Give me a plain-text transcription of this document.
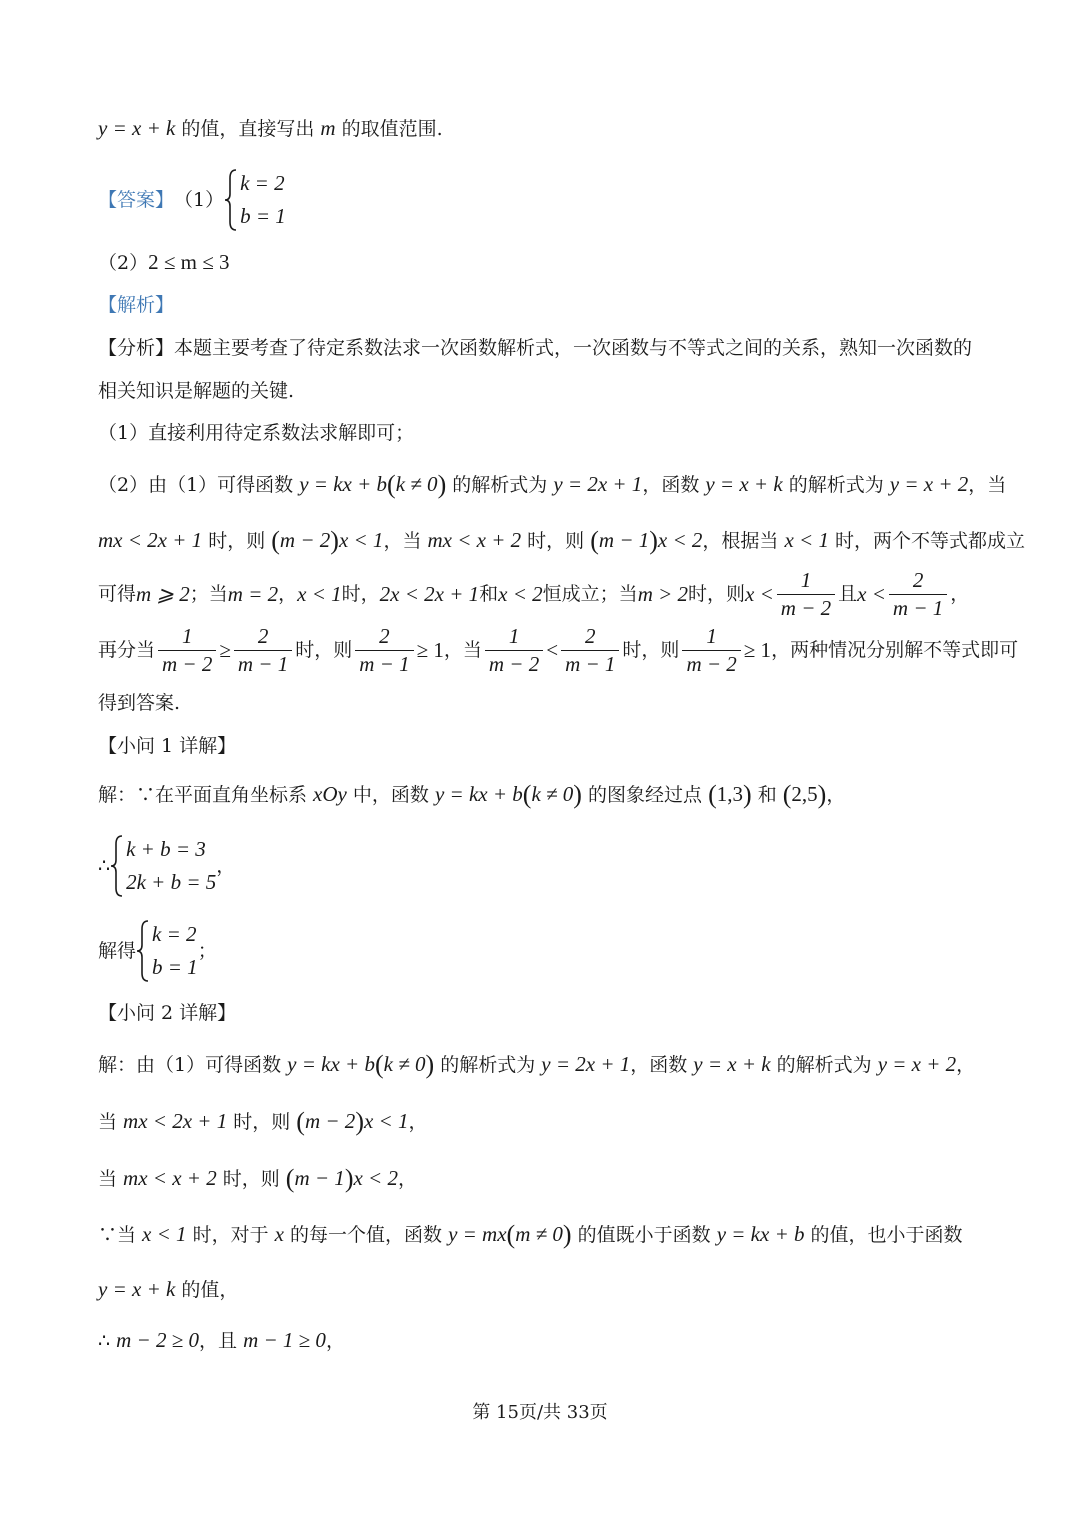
y = x + k 的值，直接写出 m 的取值范围.
【答案】 （1）
k = 2
b = 1
（2）2 ≤ m ≤ 3
【解析】
【分析】本题主要考查了待定系数法求一次函数解析式，一次函数与不等式之间的关系，熟知一次函数的
相关知识是解题的关键.
（1）直接利用待定系数法求解即可；
（2）由（1）可得函数 y = kx + b(k ≠ 0) 的解析式为 y = 2x + 1，函数 y = x + k 的解析式为 y = x + 2，当
mx < 2x + 1 时，则 (m − 2)x < 1，当 mx < x + 2 时，则 (m − 1)x < 2，根据当 x < 1 时，两个不等式都成立
可得 m ⩾ 2 ；当 m = 2 ， x < 1 时， 2x < 2x + 1 和 x < 2 恒成立；当 m > 2 时，则 $x < \frac{1}{m - 2}$ 且 $x < \frac{2}{m - 1}$ ，
再分当 $\frac{1}{m - 2} \ge \frac{2}{m - 1}$ 时，则 $\frac{2}{m - 1} \ge 1$ ，当 $\frac{1}{m - 2} < \frac{2}{m - 1}$ 时，则 $\frac{1}{m - 2} \ge 1$ ，两种情况分别解不等式即可
得到答案.
【小问 1 详解】
解：∵在平面直角坐标系 xOy 中，函数 y = kx + b(k ≠ 0) 的图象经过点 (1,3) 和 (2,5)，
∴
k + b = 3
2k + b = 5
，
解得
k = 2
b = 1
；
【小问 2 详解】
解：由（1）可得函数 y = kx + b(k ≠ 0) 的解析式为 y = 2x + 1，函数 y = x + k 的解析式为 y = x + 2，
当 mx < 2x + 1 时，则 (m − 2)x < 1，
当 mx < x + 2 时，则 (m − 1)x < 2，
∵当 x < 1 时，对于 x 的每一个值，函数 y = mx(m ≠ 0) 的值既小于函数 y = kx + b 的值，也小于函数
y = x + k 的值，
∴ m − 2 ≥ 0，且 m − 1 ≥ 0，
第 15页/共 33页
